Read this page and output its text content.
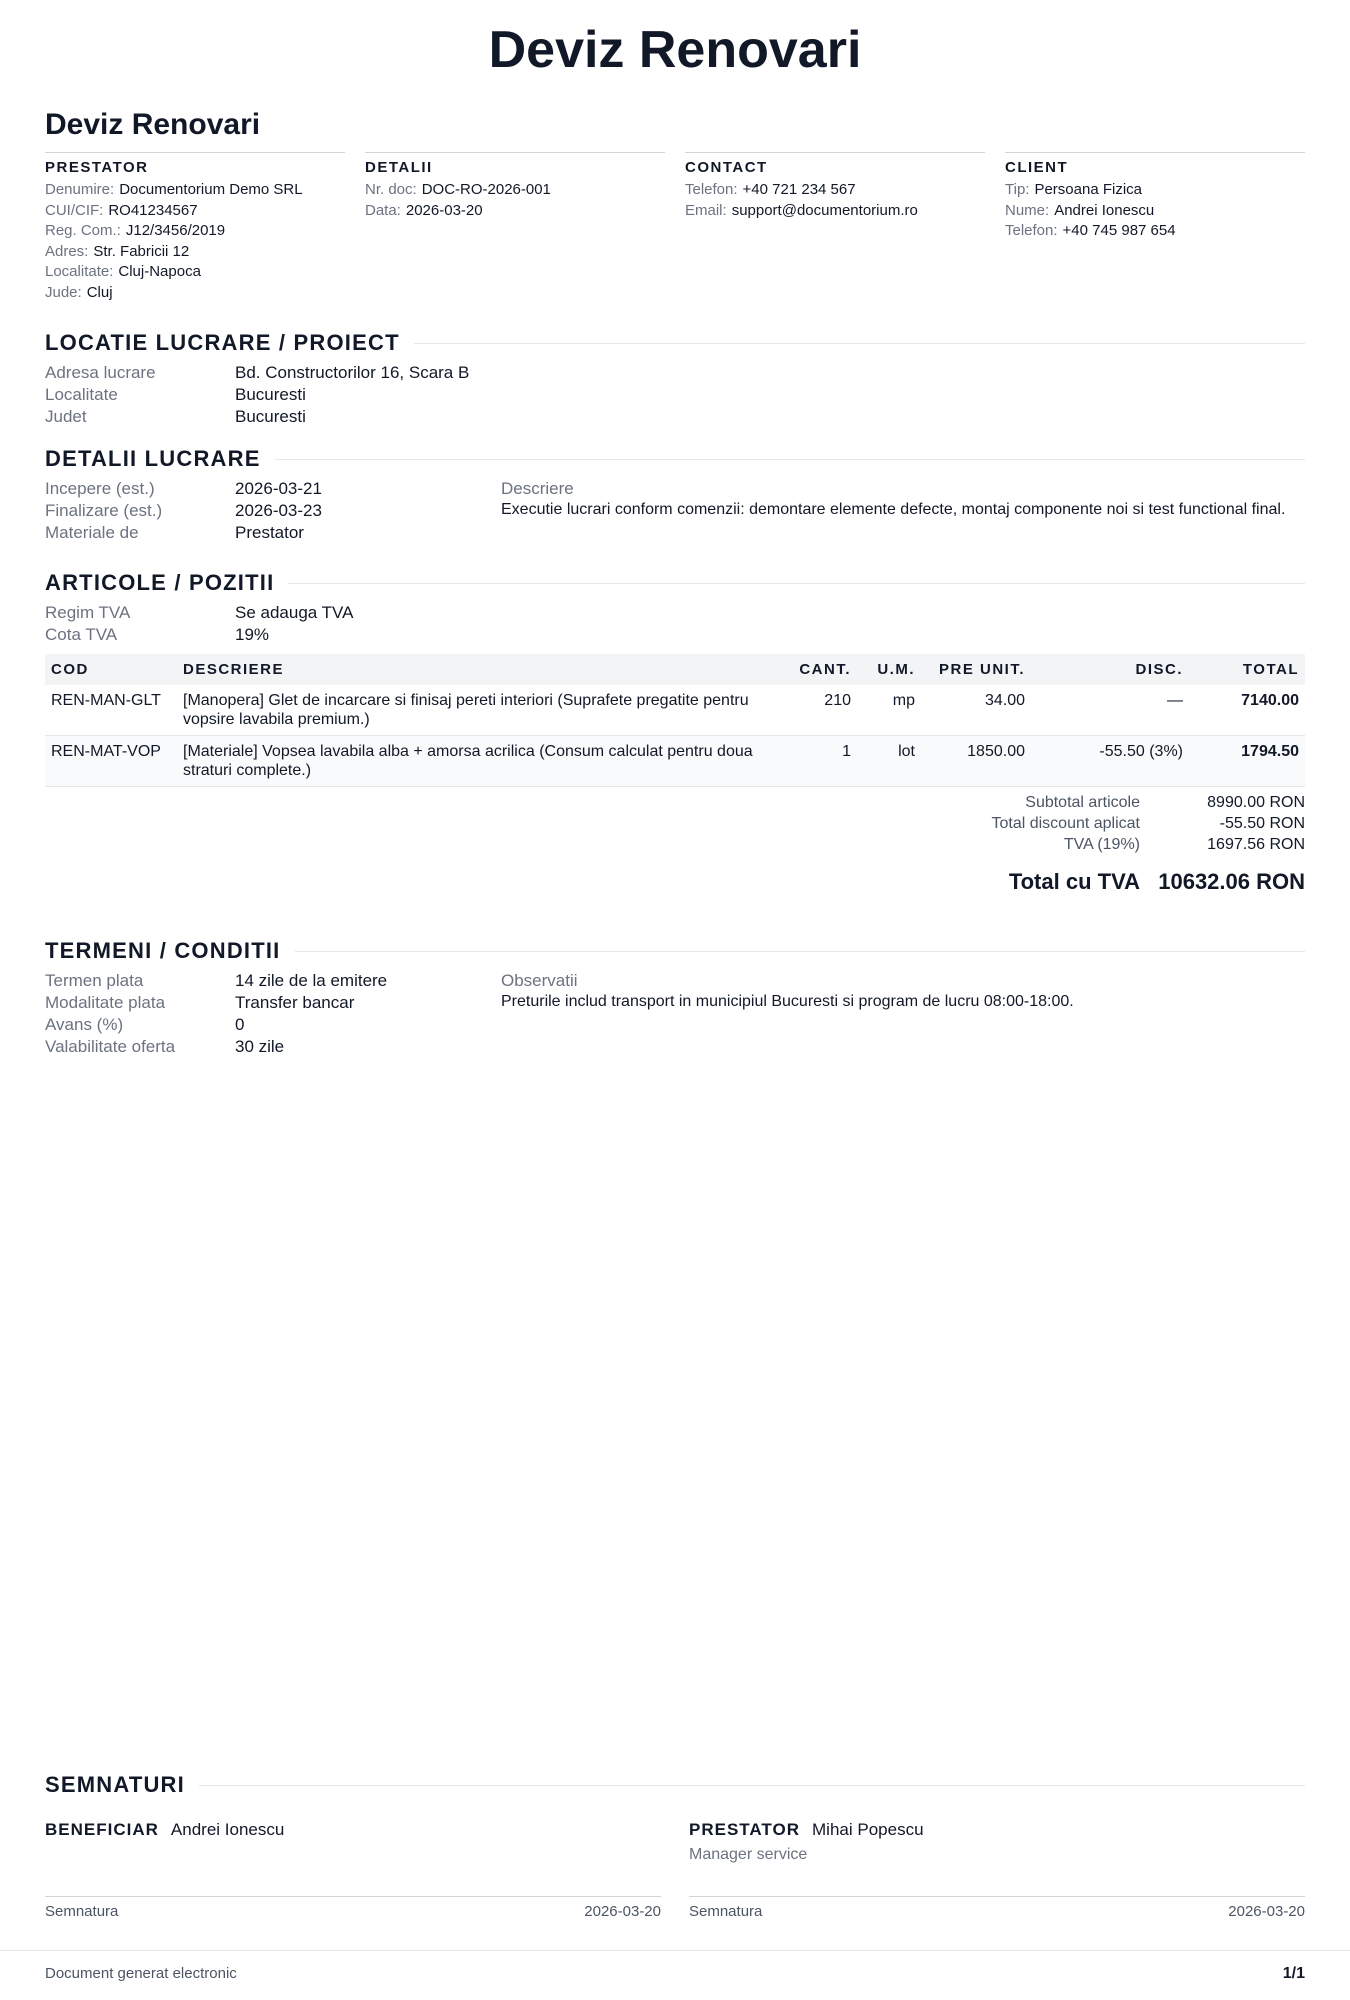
Deviz Renovari
Deviz Renovari
PRESTATOR
Denumire: Documentorium Demo SRL
CUI/CIF: RO41234567
Reg. Com.: J12/3456/2019
Adres: Str. Fabricii 12
Localitate: Cluj-Napoca
Jude: Cluj
DETALII
Nr. doc: DOC-RO-2026-001
Data: 2026-03-20
CONTACT
Telefon: +40 721 234 567
Email: support@documentorium.ro
CLIENT
Tip: Persoana Fizica
Nume: Andrei Ionescu
Telefon: +40 745 987 654
LOCATIE LUCRARE / PROIECT
Adresa lucrare	Bd. Constructorilor 16, Scara B
Localitate	Bucuresti
Judet	Bucuresti
DETALII LUCRARE
Incepere (est.)	2026-03-21
Finalizare (est.)	2026-03-23
Materiale de	Prestator
Descriere
Executie lucrari conform comenzii: demontare elemente defecte, montaj componente noi si test functional final.
ARTICOLE / POZITII
Regim TVA	Se adauga TVA
Cota TVA	19%
COD	DESCRIERE	CANT.	U.M.	PRE UNIT.	DISC.	TOTAL
REN-MAN-GLT	[Manopera] Glet de incarcare si finisaj pereti interiori (Suprafete pregatite pentru vopsire lavabila premium.)	210	mp	34.00	—	7140.00
REN-MAT-VOP	[Materiale] Vopsea lavabila alba + amorsa acrilica (Consum calculat pentru doua straturi complete.)	1	lot	1850.00	-55.50 (3%)	1794.50
Subtotal articole	8990.00 RON
Total discount aplicat	-55.50 RON
TVA (19%)	1697.56 RON
Total cu TVA 10632.06 RON
TERMENI / CONDITII
Termen plata	14 zile de la emitere
Modalitate plata	Transfer bancar
Avans (%)	0
Valabilitate oferta	30 zile
Observatii
Preturile includ transport in municipiul Bucuresti si program de lucru 08:00-18:00.
SEMNATURI
BENEFICIAR Andrei Ionescu
Semnatura	2026-03-20
PRESTATOR Mihai Popescu
Manager service
Semnatura	2026-03-20
Document generat electronic	1/1
